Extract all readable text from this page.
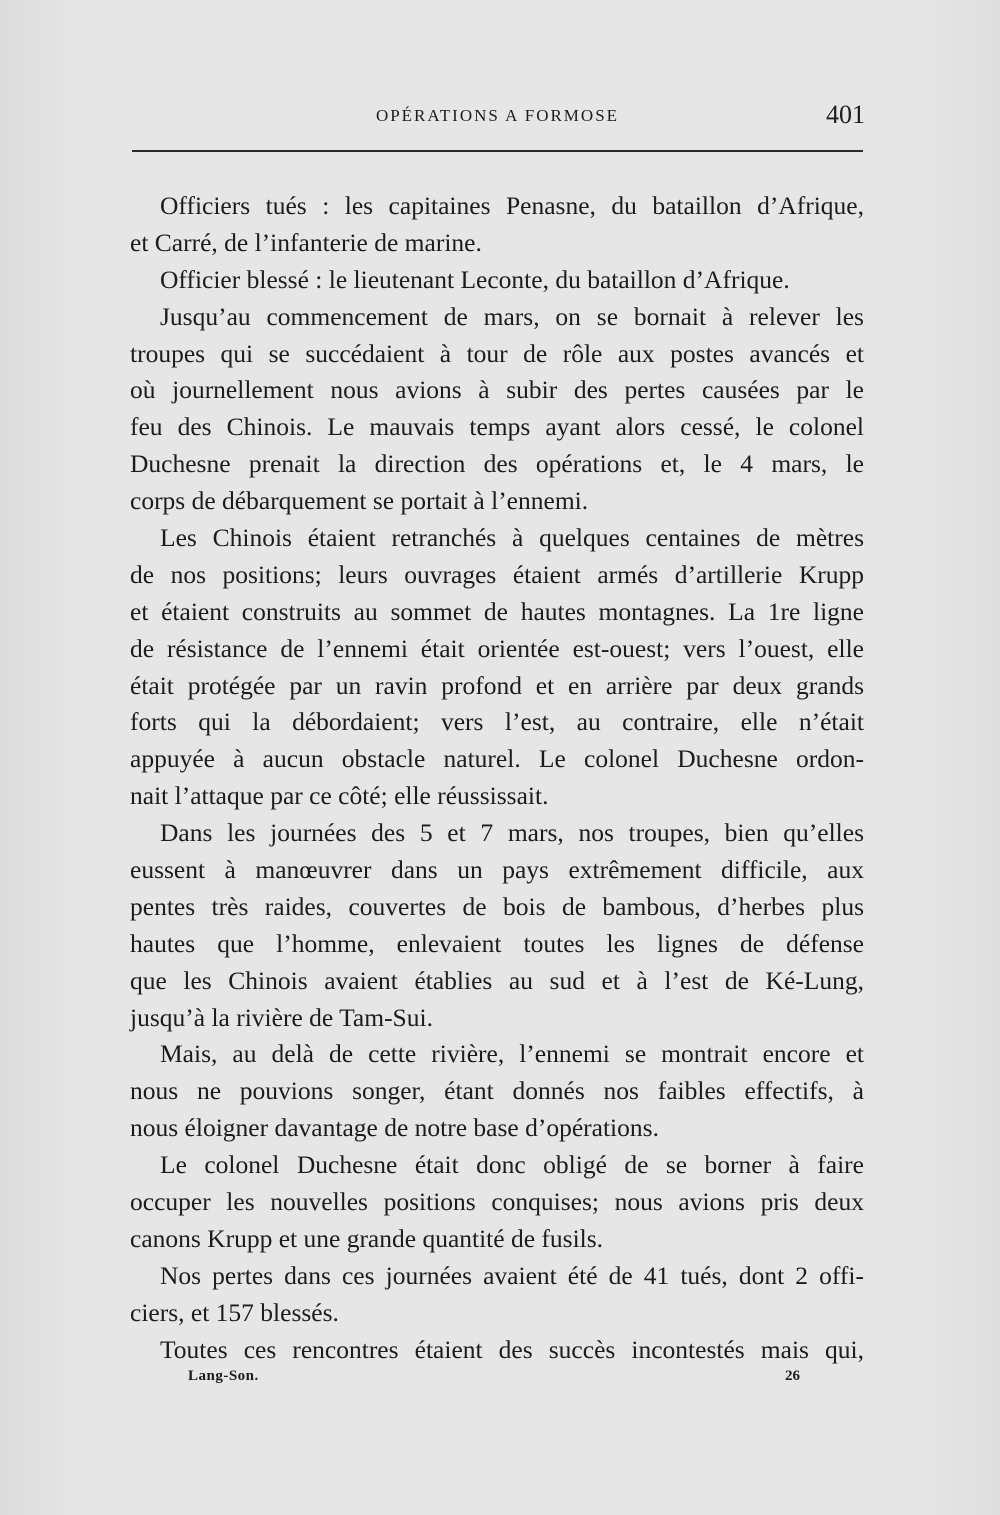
OPÉRATIONS A FORMOSE	401
Officiers tués : les capitaines Penasne, du bataillon d’Afrique,
et Carré, de l’infanterie de marine.
Officier blessé : le lieutenant Leconte, du bataillon d’Afrique.
Jusqu’au commencement de mars, on se bornait à relever les
troupes qui se succédaient à tour de rôle aux postes avancés et
où journellement nous avions à subir des pertes causées par le
feu des Chinois. Le mauvais temps ayant alors cessé, le colonel
Duchesne prenait la direction des opérations et, le 4 mars, le
corps de débarquement se portait à l’ennemi.
Les Chinois étaient retranchés à quelques centaines de mètres
de nos positions; leurs ouvrages étaient armés d’artillerie Krupp
et étaient construits au sommet de hautes montagnes. La 1re ligne
de résistance de l’ennemi était orientée est-ouest; vers l’ouest, elle
était protégée par un ravin profond et en arrière par deux grands
forts qui la débordaient; vers l’est, au contraire, elle n’était
appuyée à aucun obstacle naturel. Le colonel Duchesne ordon-
nait l’attaque par ce côté; elle réussissait.
Dans les journées des 5 et 7 mars, nos troupes, bien qu’elles
eussent à manœuvrer dans un pays extrêmement difficile, aux
pentes très raides, couvertes de bois de bambous, d’herbes plus
hautes que l’homme, enlevaient toutes les lignes de défense
que les Chinois avaient établies au sud et à l’est de Ké-Lung,
jusqu’à la rivière de Tam-Sui.
Mais, au delà de cette rivière, l’ennemi se montrait encore et
nous ne pouvions songer, étant donnés nos faibles effectifs, à
nous éloigner davantage de notre base d’opérations.
Le colonel Duchesne était donc obligé de se borner à faire
occuper les nouvelles positions conquises; nous avions pris deux
canons Krupp et une grande quantité de fusils.
Nos pertes dans ces journées avaient été de 41 tués, dont 2 offi-
ciers, et 157 blessés.
Toutes ces rencontres étaient des succès incontestés mais qui,
Lang-Son.	26
